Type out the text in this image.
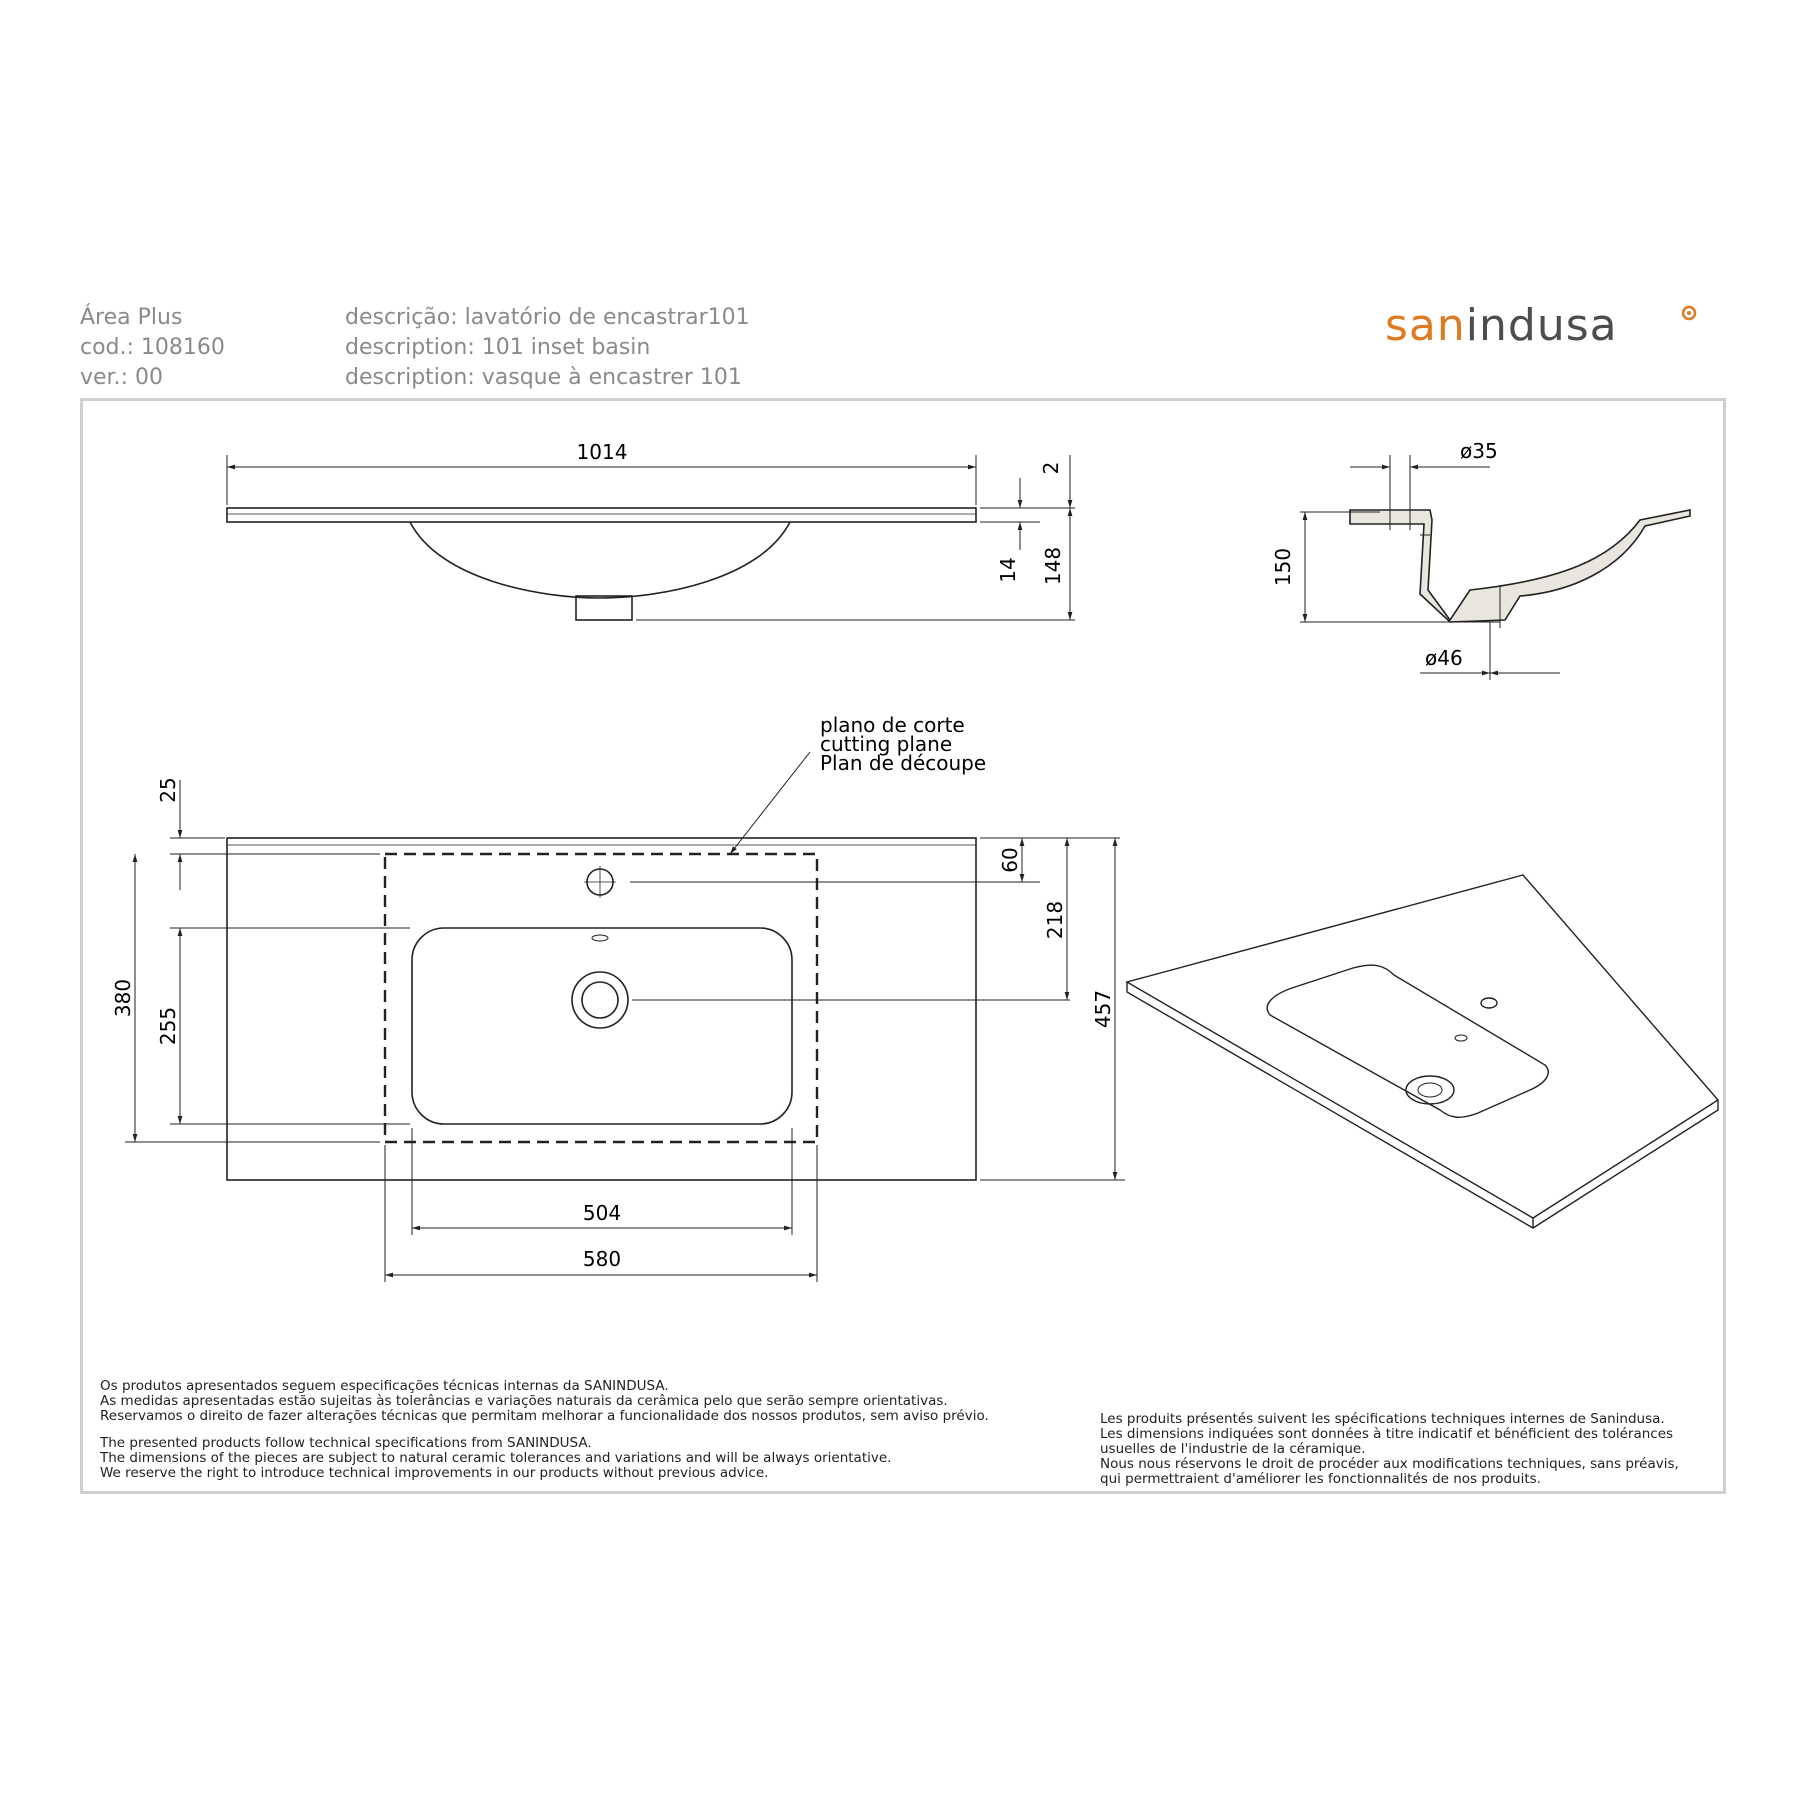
Área Plus
cod.: 108160
ver.: 00
descrição: lavatório de encastrar101
description: 101 inset basin
description: vasque à encastrer 101
sanindusa
1014
2
14 148
ø35
150
ø46
25
380
255
60
218
457
504
580
plano de corte
cutting plane
Plan de découpe
Os produtos apresentados seguem especificações técnicas internas da SANINDUSA.
As medidas apresentadas estão sujeitas às tolerâncias e variações naturais da cerâmica pelo que serão sempre orientativas.
Reservamos o direito de fazer alterações técnicas que permitam melhorar a funcionalidade dos nossos produtos, sem aviso prévio.
The presented products follow technical specifications from SANINDUSA.
The dimensions of the pieces are subject to natural ceramic tolerances and variations and will be always orientative.
We reserve the right to introduce technical improvements in our products without previous advice.
Les produits présentés suivent les spécifications techniques internes de Sanindusa.
Les dimensions indiquées sont données à titre indicatif et bénéficient des tolérances
usuelles de l'industrie de la céramique.
Nous nous réservons le droit de procéder aux modifications techniques, sans préavis,
qui permettraient d'améliorer les fonctionnalités de nos produits.
